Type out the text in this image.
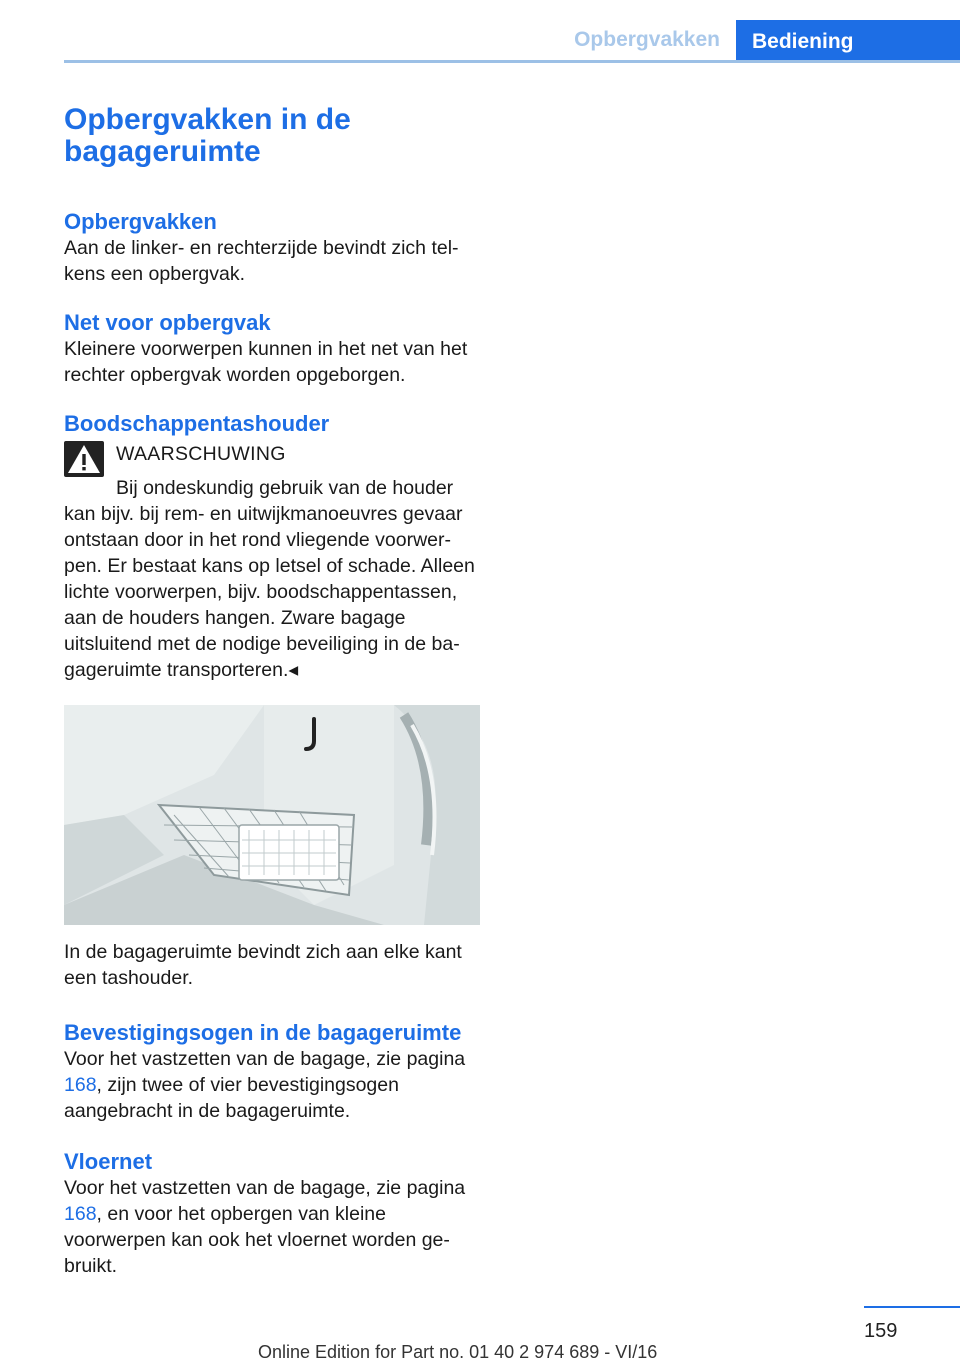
Opbergvakken	Bediening
Opbergvakken in de bagageruimte
Opbergvakken

Aan de linker- en rechterzijde bevindt zich telkens een opbergvak.

Net voor opbergvak

Kleinere voorwerpen kunnen in het net van het rechter opbergvak worden opgeborgen.

Boodschappentashouder
WAARSCHUWING

Bij ondeskundig gebruik van de houder kan bijv. bij rem- en uitwijkmanoeuvres gevaar ontstaan door in het rond vliegende voorwerpen. Er bestaat kans op letsel of schade. Alleen lichte voorwerpen, bijv. boodschappentassen, aan de houders hangen. Zware bagage uitsluitend met de nodige beveiliging in de bagageruimte transporteren.◂

In de bagageruimte bevindt zich aan elke kant een tashouder.

Bevestigingsogen in de bagageruimte

Voor het vastzetten van de bagage, zie pagina 168, zijn twee of vier bevestigingsogen aangebracht in de bagageruimte.

Vloernet

Voor het vastzetten van de bagage, zie pagina 168, en voor het opbergen van kleine voorwerpen kan ook het vloernet worden gebruikt.

159
Online Edition for Part no. 01 40 2 974 689 - VI/16
